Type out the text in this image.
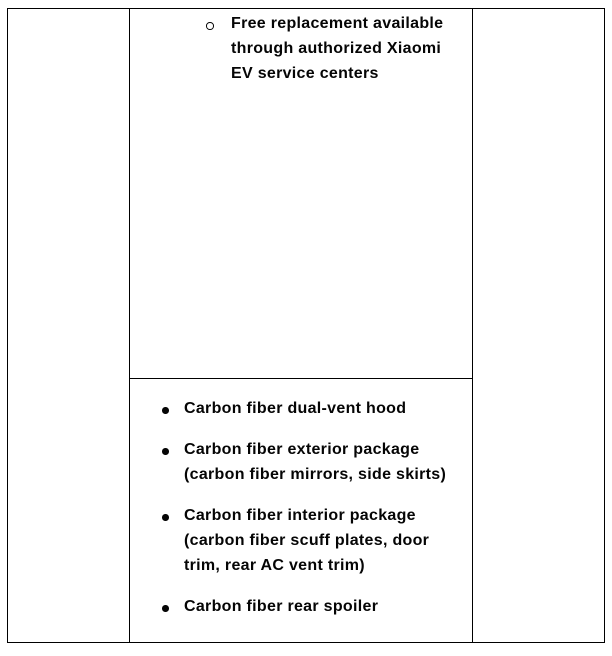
Free replacement available through authorized Xiaomi EV service centers
Carbon fiber dual-vent hood
Carbon fiber exterior package (carbon fiber mirrors, side skirts)
Carbon fiber interior package (carbon fiber scuff plates, door trim, rear AC vent trim)
Carbon fiber rear spoiler
